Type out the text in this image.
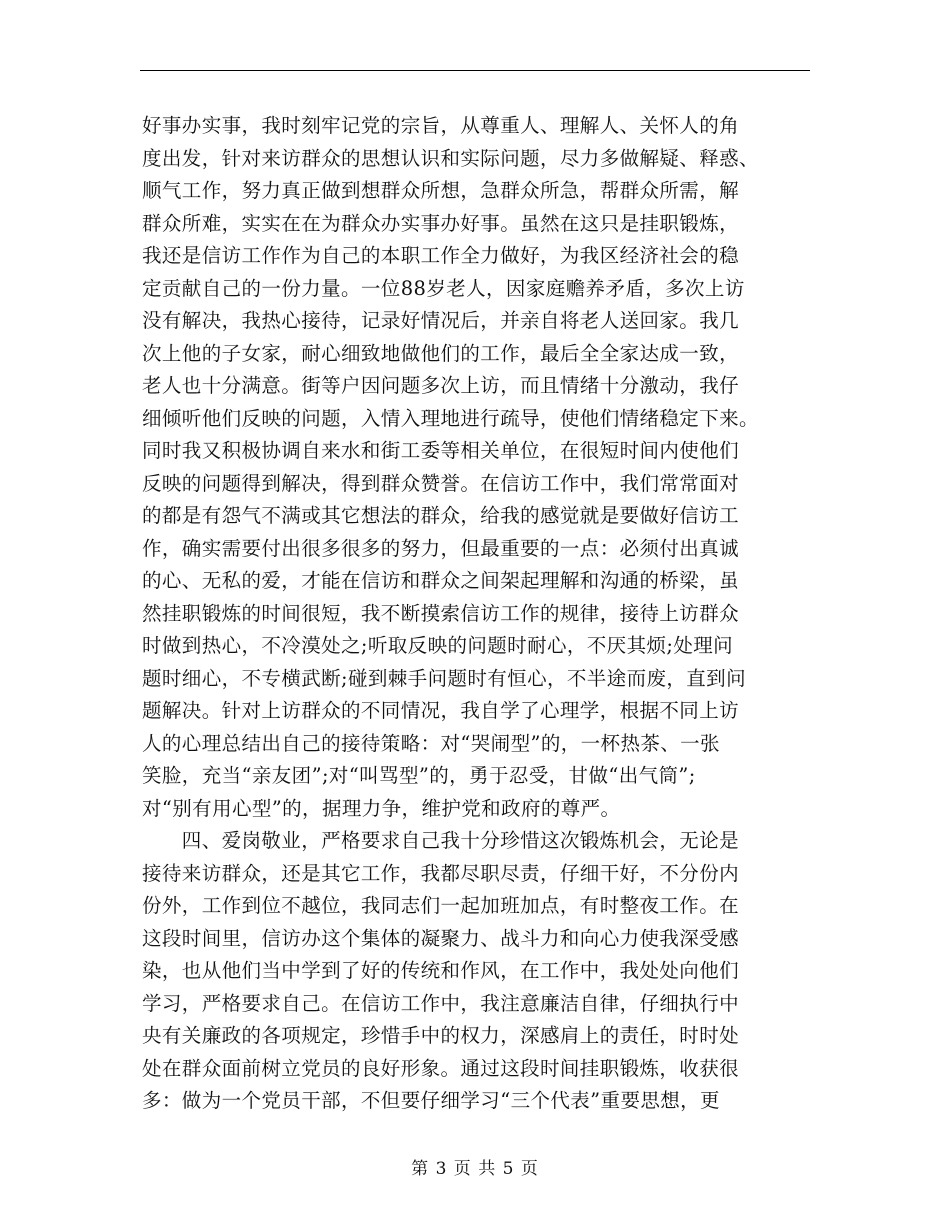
好事办实事，我时刻牢记党的宗旨，从尊重人、理解人、关怀人的角
度出发，针对来访群众的思想认识和实际问题，尽力多做解疑、释惑、
顺气工作，努力真正做到想群众所想，急群众所急，帮群众所需，解
群众所难，实实在在为群众办实事办好事。虽然在这只是挂职锻炼，
我还是信访工作作为自己的本职工作全力做好，为我区经济社会的稳
定贡献自己的一份力量。一位88岁老人，因家庭赡养矛盾，多次上访
没有解决，我热心接待，记录好情况后，并亲自将老人送回家。我几
次上他的子女家，耐心细致地做他们的工作，最后全全家达成一致，
老人也十分满意。街等户因问题多次上访，而且情绪十分激动，我仔
细倾听他们反映的问题，入情入理地进行疏导，使他们情绪稳定下来。
同时我又积极协调自来水和街工委等相关单位，在很短时间内使他们
反映的问题得到解决，得到群众赞誉。在信访工作中，我们常常面对
的都是有怨气不满或其它想法的群众，给我的感觉就是要做好信访工
作，确实需要付出很多很多的努力，但最重要的一点：必须付出真诚
的心、无私的爱，才能在信访和群众之间架起理解和沟通的桥梁，虽
然挂职锻炼的时间很短，我不断摸索信访工作的规律，接待上访群众
时做到热心，不冷漠处之;听取反映的问题时耐心，不厌其烦;处理问
题时细心，不专横武断;碰到棘手问题时有恒心，不半途而废，直到问
题解决。针对上访群众的不同情况，我自学了心理学，根据不同上访
人的心理总结出自己的接待策略：对“哭闹型”的，一杯热茶、一张
笑脸，充当“亲友团”;对“叫骂型”的，勇于忍受，甘做“出气筒”;
对“别有用心型”的，据理力争，维护党和政府的尊严。
　　四、爱岗敬业，严格要求自己我十分珍惜这次锻炼机会，无论是
接待来访群众，还是其它工作，我都尽职尽责，仔细干好，不分份内
份外，工作到位不越位，我同志们一起加班加点，有时整夜工作。在
这段时间里，信访办这个集体的凝聚力、战斗力和向心力使我深受感
染，也从他们当中学到了好的传统和作风，在工作中，我处处向他们
学习，严格要求自己。在信访工作中，我注意廉洁自律，仔细执行中
央有关廉政的各项规定，珍惜手中的权力，深感肩上的责任，时时处
处在群众面前树立党员的良好形象。通过这段时间挂职锻炼，收获很
多：做为一个党员干部，不但要仔细学习“三个代表”重要思想，更
第 3 页 共 5 页
